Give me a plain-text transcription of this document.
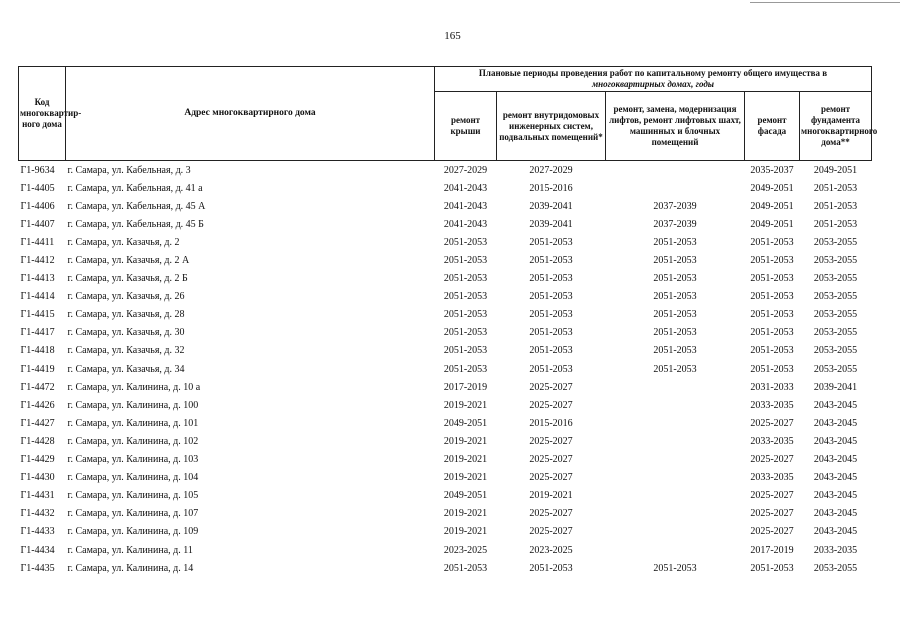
165
Код многоквартир-ного дома	Адрес многоквартирного дома	Плановые периоды проведения работ по капитальному ремонту общего имущества в
многоквартирных домах, годы				
		ремонт крыши	ремонт внутридомовых инженерных систем, подвальных помещений*	ремонт, замена, модернизация лифтов, ремонт лифтовых шахт, машинных и блочных помещений	ремонт фасада	ремонт фундамента многоквартирного дома**
Г1-9634	г. Самара, ул. Кабельная, д. 3	2027-2029	2027-2029		2035-2037	2049-2051
Г1-4405	г. Самара, ул. Кабельная, д. 41 а	2041-2043	2015-2016		2049-2051	2051-2053
Г1-4406	г. Самара, ул. Кабельная, д. 45 А	2041-2043	2039-2041	2037-2039	2049-2051	2051-2053
Г1-4407	г. Самара, ул. Кабельная, д. 45 Б	2041-2043	2039-2041	2037-2039	2049-2051	2051-2053
Г1-4411	г. Самара, ул. Казачья, д. 2	2051-2053	2051-2053	2051-2053	2051-2053	2053-2055
Г1-4412	г. Самара, ул. Казачья, д. 2 А	2051-2053	2051-2053	2051-2053	2051-2053	2053-2055
Г1-4413	г. Самара, ул. Казачья, д. 2 Б	2051-2053	2051-2053	2051-2053	2051-2053	2053-2055
Г1-4414	г. Самара, ул. Казачья, д. 26	2051-2053	2051-2053	2051-2053	2051-2053	2053-2055
Г1-4415	г. Самара, ул. Казачья, д. 28	2051-2053	2051-2053	2051-2053	2051-2053	2053-2055
Г1-4417	г. Самара, ул. Казачья, д. 30	2051-2053	2051-2053	2051-2053	2051-2053	2053-2055
Г1-4418	г. Самара, ул. Казачья, д. 32	2051-2053	2051-2053	2051-2053	2051-2053	2053-2055
Г1-4419	г. Самара, ул. Казачья, д. 34	2051-2053	2051-2053	2051-2053	2051-2053	2053-2055
Г1-4472	г. Самара, ул. Калинина, д. 10 а	2017-2019	2025-2027		2031-2033	2039-2041
Г1-4426	г. Самара, ул. Калинина, д. 100	2019-2021	2025-2027		2033-2035	2043-2045
Г1-4427	г. Самара, ул. Калинина, д. 101	2049-2051	2015-2016		2025-2027	2043-2045
Г1-4428	г. Самара, ул. Калинина, д. 102	2019-2021	2025-2027		2033-2035	2043-2045
Г1-4429	г. Самара, ул. Калинина, д. 103	2019-2021	2025-2027		2025-2027	2043-2045
Г1-4430	г. Самара, ул. Калинина, д. 104	2019-2021	2025-2027		2033-2035	2043-2045
Г1-4431	г. Самара, ул. Калинина, д. 105	2049-2051	2019-2021		2025-2027	2043-2045
Г1-4432	г. Самара, ул. Калинина, д. 107	2019-2021	2025-2027		2025-2027	2043-2045
Г1-4433	г. Самара, ул. Калинина, д. 109	2019-2021	2025-2027		2025-2027	2043-2045
Г1-4434	г. Самара, ул. Калинина, д. 11	2023-2025	2023-2025		2017-2019	2033-2035
Г1-4435	г. Самара, ул. Калинина, д. 14	2051-2053	2051-2053	2051-2053	2051-2053	2053-2055
